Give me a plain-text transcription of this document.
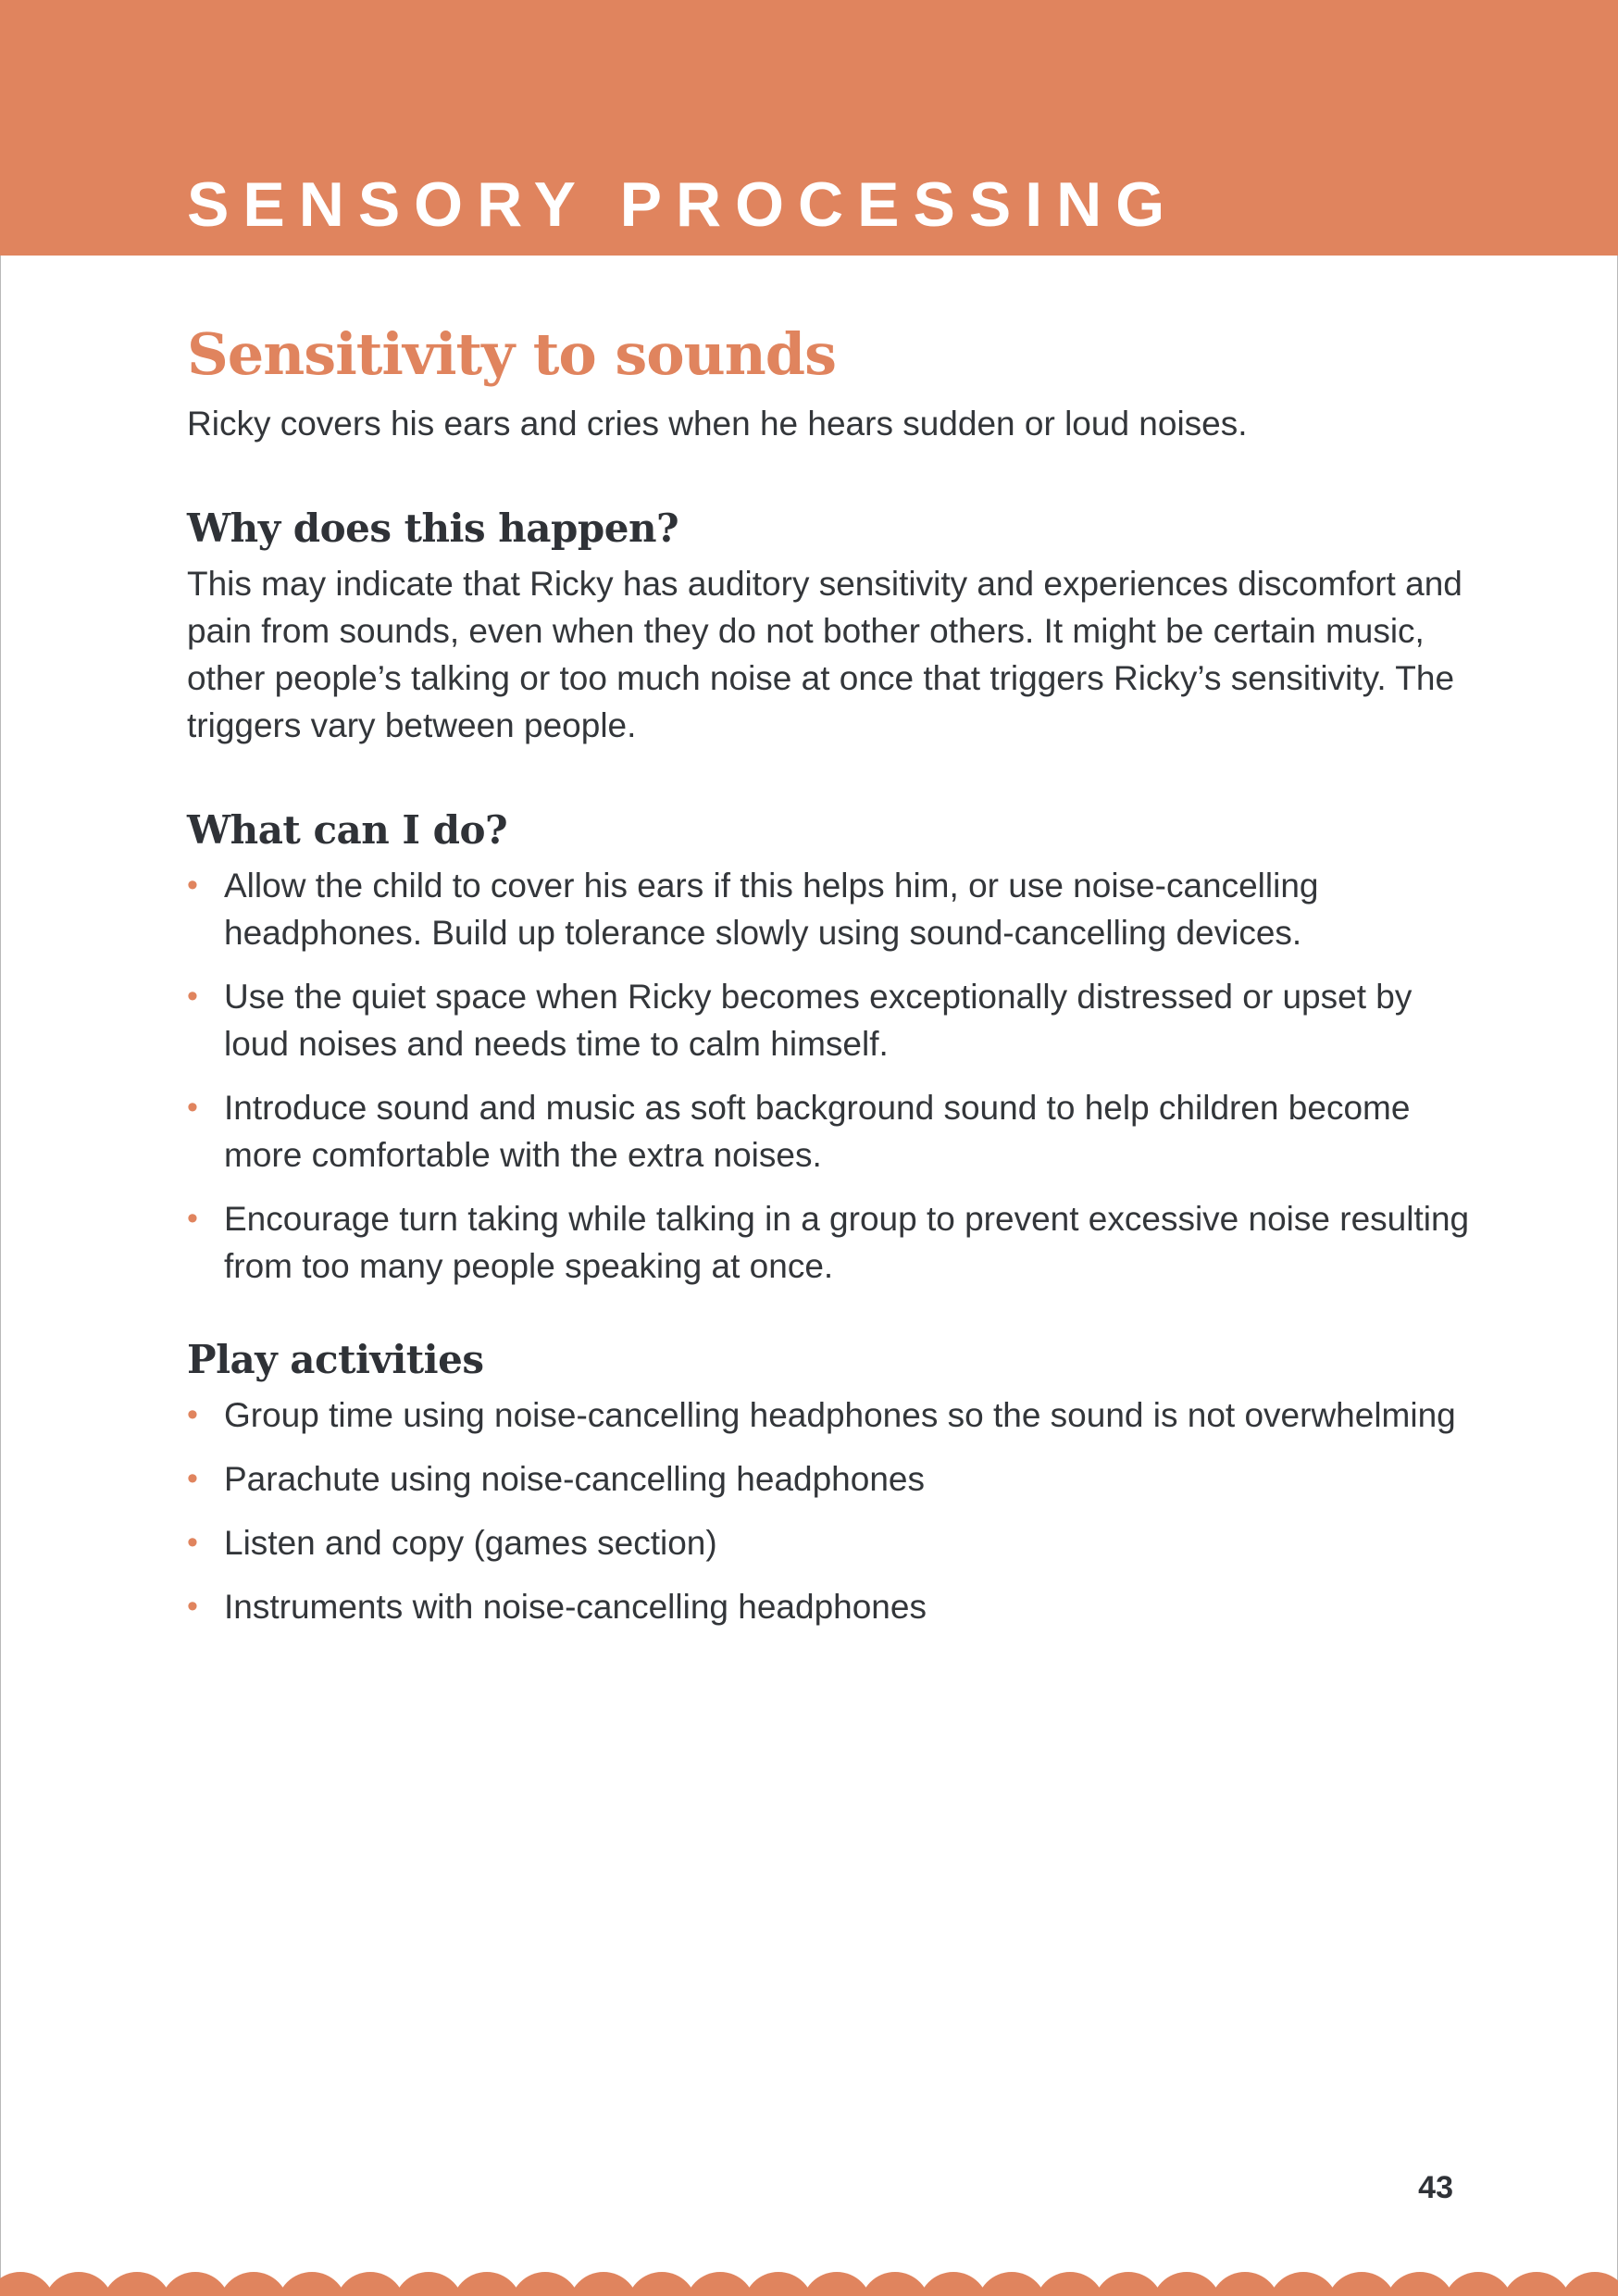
SENSORY PROCESSING
Sensitivity to sounds

Ricky covers his ears and cries when he hears sudden or loud noises.

Why does this happen?

This may indicate that Ricky has auditory sensitivity and experiences discomfort and pain from sounds, even when they do not bother others. It might be certain music, other people’s talking or too much noise at once that triggers Ricky’s sensitivity. The triggers vary between people.

What can I do?
• Allow the child to cover his ears if this helps him, or use noise-cancelling headphones. Build up tolerance slowly using sound-cancelling devices.
• Use the quiet space when Ricky becomes exceptionally distressed or upset by loud noises and needs time to calm himself.
• Introduce sound and music as soft background sound to help children become more comfortable with the extra noises.
• Encourage turn taking while talking in a group to prevent excessive noise resulting from too many people speaking at once.
Play activities
• Group time using noise-cancelling headphones so the sound is not overwhelming
• Parachute using noise-cancelling headphones
• Listen and copy (games section)
• Instruments with noise-cancelling headphones
43
